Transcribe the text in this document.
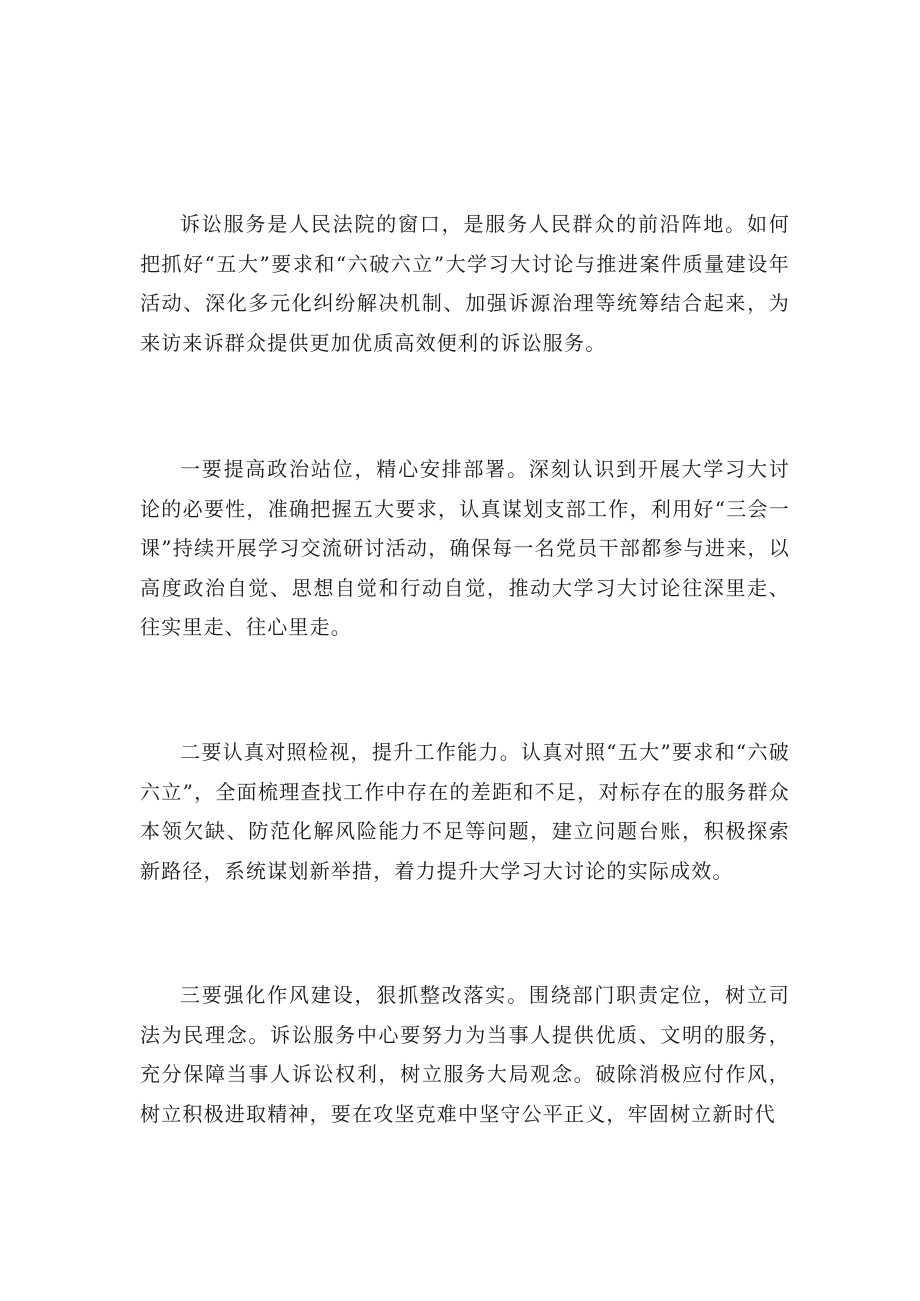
诉讼服务是人民法院的窗口，是服务人民群众的前沿阵地。如何把抓好“五大”要求和“六破六立”大学习大讨论与推进案件质量建设年活动、深化多元化纠纷解决机制、加强诉源治理等统筹结合起来，为来访来诉群众提供更加优质高效便利的诉讼服务。

一要提高政治站位，精心安排部署。深刻认识到开展大学习大讨论的必要性，准确把握五大要求，认真谋划支部工作，利用好“三会一课”持续开展学习交流研讨活动，确保每一名党员干部都参与进来，以高度政治自觉、思想自觉和行动自觉，推动大学习大讨论往深里走、往实里走、往心里走。

二要认真对照检视，提升工作能力。认真对照“五大”要求和“六破六立”，全面梳理查找工作中存在的差距和不足，对标存在的服务群众本领欠缺、防范化解风险能力不足等问题，建立问题台账，积极探索新路径，系统谋划新举措，着力提升大学习大讨论的实际成效。

三要强化作风建设，狠抓整改落实。围绕部门职责定位，树立司法为民理念。诉讼服务中心要努力为当事人提供优质、文明的服务，充分保障当事人诉讼权利，树立服务大局观念。破除消极应付作风，树立积极进取精神，要在攻坚克难中坚守公平正义，牢固树立新时代
